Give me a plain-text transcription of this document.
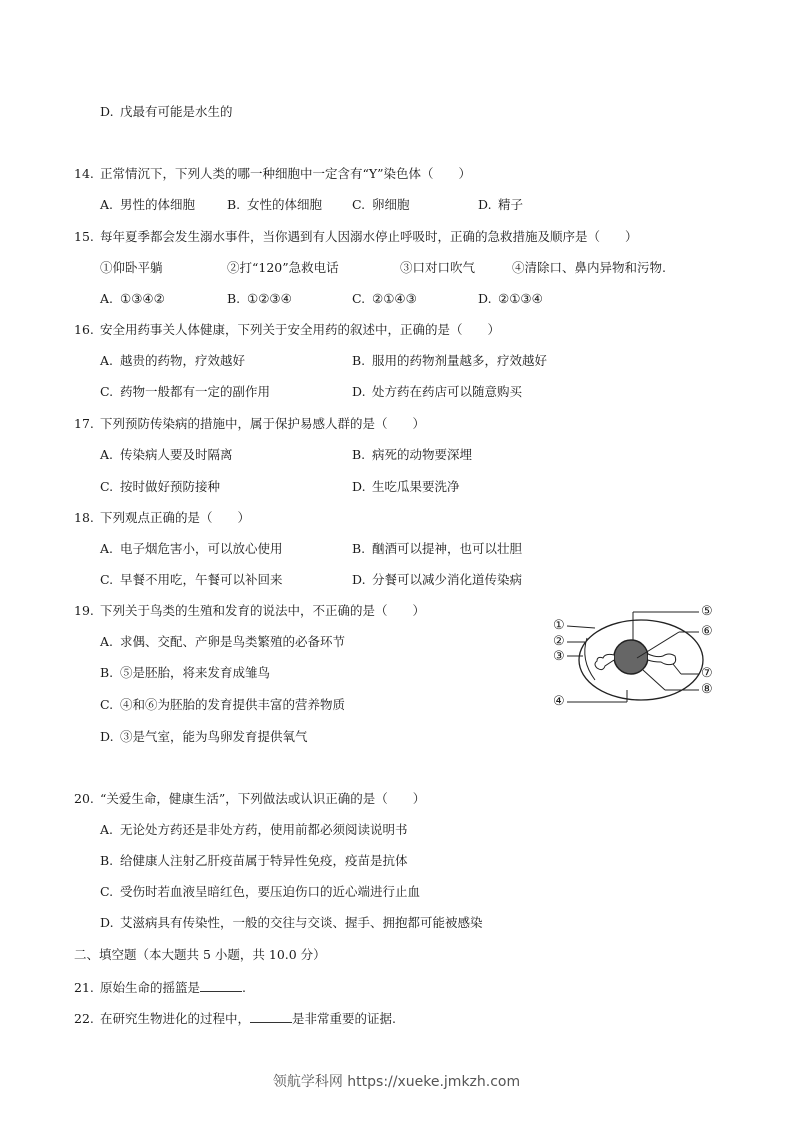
D. 戊最有可能是水生的
14. 正常情沉下，下列人类的哪一种细胞中一定含有“Y”染色体（　　）
A. 男性的体细胞	B. 女性的体细胞 C. 卵细胞	D. 精子
15. 每年夏季都会发生溺水事件，当你遇到有人因溺水停止呼吸时，正确的急救措施及顺序是（　　）
①仰卧平躺	②打“120”急救电话	③口对口吹气	④清除口、鼻内异物和污物.
A. ①③④②	B. ①②③④	C. ②①④③	D. ②①③④
16. 安全用药事关人体健康，下列关于安全用药的叙述中，正确的是（　　）
A. 越贵的药物，疗效越好	B. 服用的药物剂量越多，疗效越好
C. 药物一般都有一定的副作用	D. 处方药在药店可以随意购买
17. 下列预防传染病的措施中，属于保护易感人群的是（　　）
A. 传染病人要及时隔离	B. 病死的动物要深埋
C. 按时做好预防接种	D. 生吃瓜果要洗净
18. 下列观点正确的是（　　）
A. 电子烟危害小，可以放心使用	B. 酗酒可以提神，也可以壮胆
C. 早餐不用吃，午餐可以补回来	D. 分餐可以减少消化道传染病
19. 下列关于鸟类的生殖和发育的说法中，不正确的是（　　）
A. 求偶、交配、产卵是鸟类繁殖的必备环节
B. ⑤是胚胎，将来发育成雏鸟
C. ④和⑥为胚胎的发育提供丰富的营养物质
D. ③是气室，能为鸟卵发育提供氧气
①
②
③
④
⑤
⑥
⑦
⑧
20. “关爱生命，健康生活”，下列做法或认识正确的是（　　）
A. 无论处方药还是非处方药，使用前都必须阅读说明书
B. 给健康人注射乙肝疫苗属于特异性免疫，疫苗是抗体
C. 受伤时若血液呈暗红色，要压迫伤口的近心端进行止血
D. 艾滋病具有传染性，一般的交往与交谈、握手、拥抱都可能被感染
二、填空题（本大题共 5 小题，共 10.0 分）
21. 原始生命的摇篮是	.
22. 在研究生物进化的过程中，	是非常重要的证据.
领航学科网 https://xueke.jmkzh.com
